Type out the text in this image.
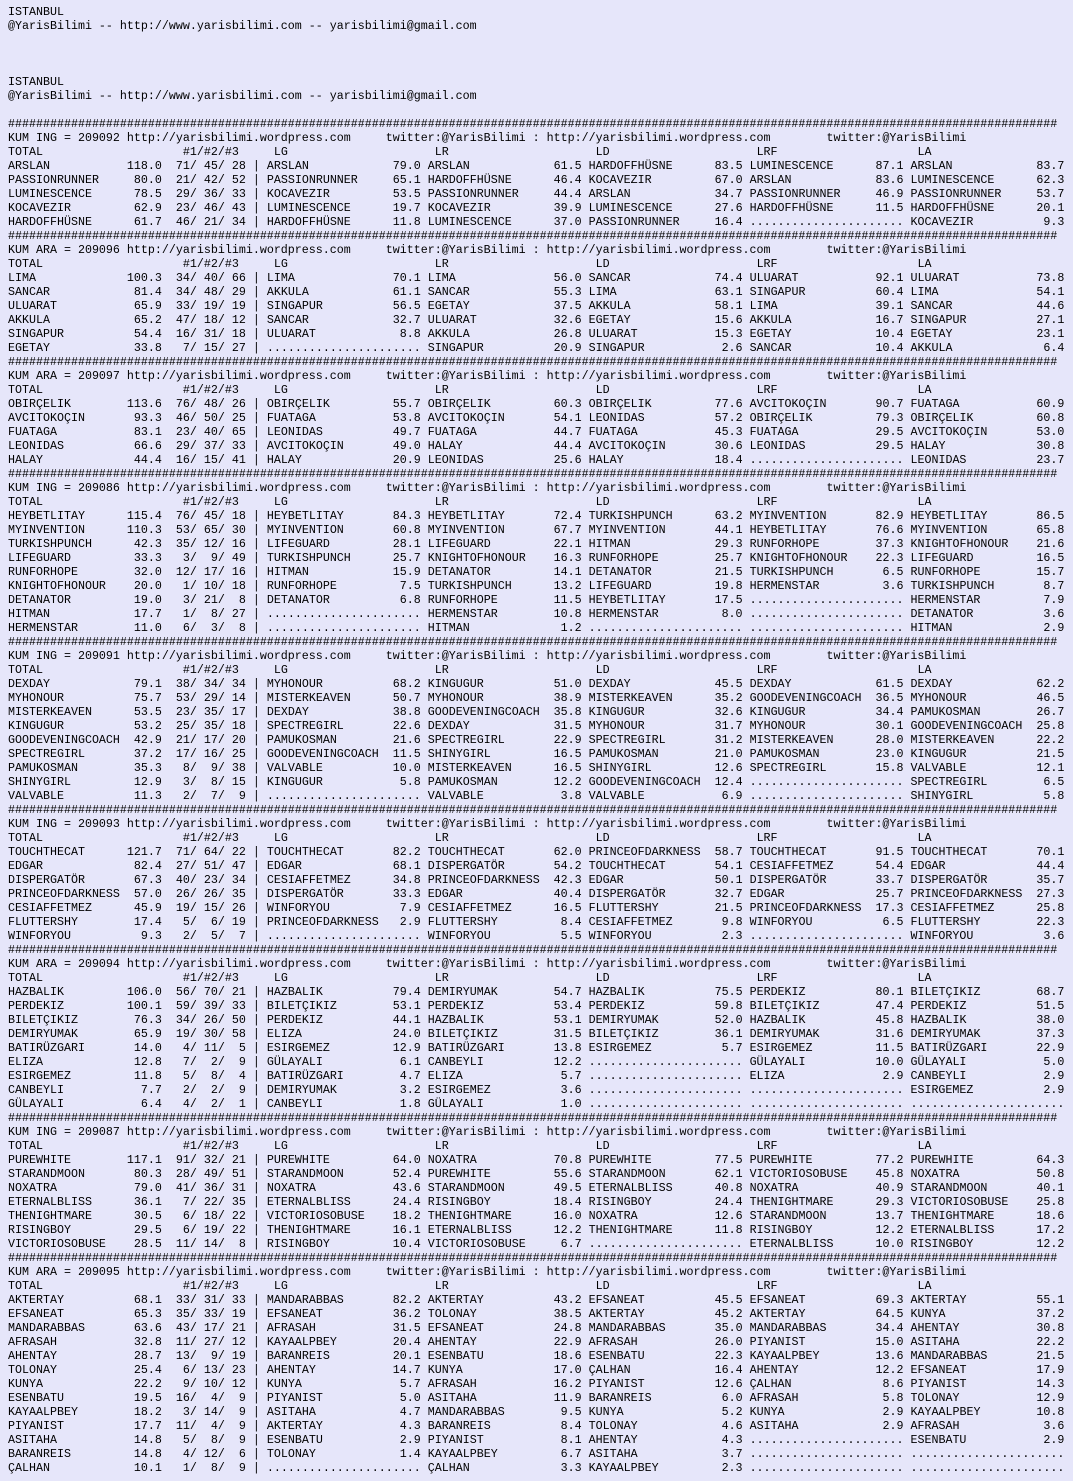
ISTANBUL
@YarisBilimi -- http://www.yarisbilimi.com -- yarisbilimi@gmail.com
ISTANBUL
@YarisBilimi -- http://www.yarisbilimi.com -- yarisbilimi@gmail.com
######################################################################################################################################################
KUM ING = 209092 http://yarisbilimi.wordpress.com	twitter:@YarisBilimi : http://yarisbilimi.wordpress.com	twitter:@YarisBilimi
TOTAL	#1/#2/#3	LG	LR	LD	LRF	LA
ARSLAN           118.0  71/ 45/ 28 | ARSLAN            79.0 ARSLAN            61.5 HARDOFFHÜSNE      83.5 LUMINESCENCE      87.1 ARSLAN            83.7
PASSIONRUNNER     80.0  21/ 42/ 52 | PASSIONRUNNER     65.1 HARDOFFHÜSNE      46.4 KOCAVEZIR         67.0 ARSLAN            83.6 LUMINESCENCE      62.3
LUMINESCENCE      78.5  29/ 36/ 33 | KOCAVEZIR         53.5 PASSIONRUNNER     44.4 ARSLAN            34.7 PASSIONRUNNER     46.9 PASSIONRUNNER     53.7
KOCAVEZIR         62.9  23/ 46/ 43 | LUMINESCENCE      19.7 KOCAVEZIR         39.9 LUMINESCENCE      27.6 HARDOFFHÜSNE      11.5 HARDOFFHÜSNE      20.1
HARDOFFHÜSNE      61.7  46/ 21/ 34 | HARDOFFHÜSNE      11.8 LUMINESCENCE      37.0 PASSIONRUNNER     16.4 ...................... KOCAVEZIR          9.3
######################################################################################################################################################
KUM ARA = 209096 http://yarisbilimi.wordpress.com	twitter:@YarisBilimi : http://yarisbilimi.wordpress.com	twitter:@YarisBilimi
TOTAL	#1/#2/#3	LG	LR	LD	LRF	LA
LIMA             100.3  34/ 40/ 66 | LIMA              70.1 LIMA              56.0 SANCAR            74.4 ULUARAT           92.1 ULUARAT           73.8
SANCAR            81.4  34/ 48/ 29 | AKKULA            61.1 SANCAR            55.3 LIMA              63.1 SINGAPUR          60.4 LIMA              54.1
ULUARAT           65.9  33/ 19/ 19 | SINGAPUR          56.5 EGETAY            37.5 AKKULA            58.1 LIMA              39.1 SANCAR            44.6
AKKULA            65.2  47/ 18/ 12 | SANCAR            32.7 ULUARAT           32.6 EGETAY            15.6 AKKULA            16.7 SINGAPUR          27.1
SINGAPUR          54.4  16/ 31/ 18 | ULUARAT            8.8 AKKULA            26.8 ULUARAT           15.3 EGETAY            10.4 EGETAY            23.1
EGETAY            33.8   7/ 15/ 27 | ...................... SINGAPUR          20.9 SINGAPUR           2.6 SANCAR            10.4 AKKULA             6.4
######################################################################################################################################################
KUM ARA = 209097 http://yarisbilimi.wordpress.com	twitter:@YarisBilimi : http://yarisbilimi.wordpress.com	twitter:@YarisBilimi
TOTAL	#1/#2/#3	LG	LR	LD	LRF	LA
OBIRÇELIK        113.6  76/ 48/ 26 | OBIRÇELIK         55.7 OBIRÇELIK         60.3 OBIRÇELIK         77.6 AVCITOKOÇIN       90.7 FUATAGA           60.9
AVCITOKOÇIN       93.3  46/ 50/ 25 | FUATAGA           53.8 AVCITOKOÇIN       54.1 LEONIDAS          57.2 OBIRÇELIK         79.3 OBIRÇELIK         60.8
FUATAGA           83.1  23/ 40/ 65 | LEONIDAS          49.7 FUATAGA           44.7 FUATAGA           45.3 FUATAGA           29.5 AVCITOKOÇIN       53.0
LEONIDAS          66.6  29/ 37/ 33 | AVCITOKOÇIN       49.0 HALAY             44.4 AVCITOKOÇIN       30.6 LEONIDAS          29.5 HALAY             30.8
HALAY             44.4  16/ 15/ 41 | HALAY             20.9 LEONIDAS          25.6 HALAY             18.4 ...................... LEONIDAS          23.7
######################################################################################################################################################
KUM ING = 209086 http://yarisbilimi.wordpress.com	twitter:@YarisBilimi : http://yarisbilimi.wordpress.com	twitter:@YarisBilimi
TOTAL	#1/#2/#3	LG	LR	LD	LRF	LA
HEYBETLITAY      115.4  76/ 45/ 18 | HEYBETLITAY       84.3 HEYBETLITAY       72.4 TURKISHPUNCH      63.2 MYINVENTION       82.9 HEYBETLITAY       86.5
MYINVENTION      110.3  53/ 65/ 30 | MYINVENTION       60.8 MYINVENTION       67.7 MYINVENTION       44.1 HEYBETLITAY       76.6 MYINVENTION       65.8
TURKISHPUNCH      42.3  35/ 12/ 16 | LIFEGUARD         28.1 LIFEGUARD         22.1 HITMAN            29.3 RUNFORHOPE        37.3 KNIGHTOFHONOUR    21.6
LIFEGUARD         33.3   3/  9/ 49 | TURKISHPUNCH      25.7 KNIGHTOFHONOUR    16.3 RUNFORHOPE        25.7 KNIGHTOFHONOUR    22.3 LIFEGUARD         16.5
RUNFORHOPE        32.0  12/ 17/ 16 | HITMAN            15.9 DETANATOR         14.1 DETANATOR         21.5 TURKISHPUNCH       6.5 RUNFORHOPE        15.7
KNIGHTOFHONOUR    20.0   1/ 10/ 18 | RUNFORHOPE         7.5 TURKISHPUNCH      13.2 LIFEGUARD         19.8 HERMENSTAR         3.6 TURKISHPUNCH       8.7
DETANATOR         19.0   3/ 21/  8 | DETANATOR          6.8 RUNFORHOPE        11.5 HEYBETLITAY       17.5 ...................... HERMENSTAR         7.9
HITMAN            17.7   1/  8/ 27 | ...................... HERMENSTAR        10.8 HERMENSTAR         8.0 ...................... DETANATOR          3.6
HERMENSTAR        11.0   6/  3/  8 | ...................... HITMAN             1.2 ...................... ...................... HITMAN             2.9
######################################################################################################################################################
KUM ING = 209091 http://yarisbilimi.wordpress.com	twitter:@YarisBilimi : http://yarisbilimi.wordpress.com	twitter:@YarisBilimi
TOTAL	#1/#2/#3	LG	LR	LD	LRF	LA
DEXDAY            79.1  38/ 34/ 34 | MYHONOUR          68.2 KINGUGUR          51.0 DEXDAY            45.5 DEXDAY            61.5 DEXDAY            62.2
MYHONOUR          75.7  53/ 29/ 14 | MISTERKEAVEN      50.7 MYHONOUR          38.9 MISTERKEAVEN      35.2 GOODEVENINGCOACH  36.5 MYHONOUR          46.5
MISTERKEAVEN      53.5  23/ 35/ 17 | DEXDAY            38.8 GOODEVENINGCOACH  35.8 KINGUGUR          32.6 KINGUGUR          34.4 PAMUKOSMAN        26.7
KINGUGUR          53.2  25/ 35/ 18 | SPECTREGIRL       22.6 DEXDAY            31.5 MYHONOUR          31.7 MYHONOUR          30.1 GOODEVENINGCOACH  25.8
GOODEVENINGCOACH  42.9  21/ 17/ 20 | PAMUKOSMAN        21.6 SPECTREGIRL       22.9 SPECTREGIRL       31.2 MISTERKEAVEN      28.0 MISTERKEAVEN      22.2
SPECTREGIRL       37.2  17/ 16/ 25 | GOODEVENINGCOACH  11.5 SHINYGIRL         16.5 PAMUKOSMAN        21.0 PAMUKOSMAN        23.0 KINGUGUR          21.5
PAMUKOSMAN        35.3   8/  9/ 38 | VALVABLE          10.0 MISTERKEAVEN      16.5 SHINYGIRL         12.6 SPECTREGIRL       15.8 VALVABLE          12.1
SHINYGIRL         12.9   3/  8/ 15 | KINGUGUR           5.8 PAMUKOSMAN        12.2 GOODEVENINGCOACH  12.4 ...................... SPECTREGIRL        6.5
VALVABLE          11.3   2/  7/  9 | ...................... VALVABLE           3.8 VALVABLE           6.9 ...................... SHINYGIRL          5.8
######################################################################################################################################################
KUM ING = 209093 http://yarisbilimi.wordpress.com	twitter:@YarisBilimi : http://yarisbilimi.wordpress.com	twitter:@YarisBilimi
TOTAL	#1/#2/#3	LG	LR	LD	LRF	LA
TOUCHTHECAT      121.7  71/ 64/ 22 | TOUCHTHECAT       82.2 TOUCHTHECAT       62.0 PRINCEOFDARKNESS  58.7 TOUCHTHECAT       91.5 TOUCHTHECAT       70.1
EDGAR             82.4  27/ 51/ 47 | EDGAR             68.1 DISPERGATÖR       54.2 TOUCHTHECAT       54.1 CESIAFFETMEZ      54.4 EDGAR             44.4
DISPERGATÖR       67.3  40/ 23/ 34 | CESIAFFETMEZ      34.8 PRINCEOFDARKNESS  42.3 EDGAR             50.1 DISPERGATÖR       33.7 DISPERGATÖR       35.7
PRINCEOFDARKNESS  57.0  26/ 26/ 35 | DISPERGATÖR       33.3 EDGAR             40.4 DISPERGATÖR       32.7 EDGAR             25.7 PRINCEOFDARKNESS  27.3
CESIAFFETMEZ      45.9  19/ 15/ 26 | WINFORYOU          7.9 CESIAFFETMEZ      16.5 FLUTTERSHY        21.5 PRINCEOFDARKNESS  17.3 CESIAFFETMEZ      25.8
FLUTTERSHY        17.4   5/  6/ 19 | PRINCEOFDARKNESS   2.9 FLUTTERSHY         8.4 CESIAFFETMEZ       9.8 WINFORYOU          6.5 FLUTTERSHY        22.3
WINFORYOU          9.3   2/  5/  7 | ...................... WINFORYOU          5.5 WINFORYOU          2.3 ...................... WINFORYOU          3.6
######################################################################################################################################################
KUM ARA = 209094 http://yarisbilimi.wordpress.com	twitter:@YarisBilimi : http://yarisbilimi.wordpress.com	twitter:@YarisBilimi
TOTAL	#1/#2/#3	LG	LR	LD	LRF	LA
HAZBALIK         106.0  56/ 70/ 21 | HAZBALIK          79.4 DEMIRYUMAK        54.7 HAZBALIK          75.5 PERDEKIZ          80.1 BILETÇIKIZ        68.7
PERDEKIZ         100.1  59/ 39/ 33 | BILETÇIKIZ        53.1 PERDEKIZ          53.4 PERDEKIZ          59.8 BILETÇIKIZ        47.4 PERDEKIZ          51.5
BILETÇIKIZ        76.3  34/ 26/ 50 | PERDEKIZ          44.1 HAZBALIK          53.1 DEMIRYUMAK        52.0 HAZBALIK          45.8 HAZBALIK          38.0
DEMIRYUMAK        65.9  19/ 30/ 58 | ELIZA             24.0 BILETÇIKIZ        31.5 BILETÇIKIZ        36.1 DEMIRYUMAK        31.6 DEMIRYUMAK        37.3
BATIRÜZGARI       14.0   4/ 11/  5 | ESIRGEMEZ         12.9 BATIRÜZGARI       13.8 ESIRGEMEZ          5.7 ESIRGEMEZ         11.5 BATIRÜZGARI       22.9
ELIZA             12.8   7/  2/  9 | GÜLAYALI           6.1 CANBEYLI          12.2 ...................... GÜLAYALI          10.0 GÜLAYALI           5.0
ESIRGEMEZ         11.8   5/  8/  4 | BATIRÜZGARI        4.7 ELIZA              5.7 ...................... ELIZA              2.9 CANBEYLI           2.9
CANBEYLI           7.7   2/  2/  9 | DEMIRYUMAK         3.2 ESIRGEMEZ          3.6 ...................... ...................... ESIRGEMEZ          2.9
GÜLAYALI           6.4   4/  2/  1 | CANBEYLI           1.8 GÜLAYALI           1.0 ...................... ...................... ......................
######################################################################################################################################################
KUM ING = 209087 http://yarisbilimi.wordpress.com	twitter:@YarisBilimi : http://yarisbilimi.wordpress.com	twitter:@YarisBilimi
TOTAL	#1/#2/#3	LG	LR	LD	LRF	LA
PUREWHITE        117.1  91/ 32/ 21 | PUREWHITE         64.0 NOXATRA           70.8 PUREWHITE         77.5 PUREWHITE         77.2 PUREWHITE         64.3
STARANDMOON       80.3  28/ 49/ 51 | STARANDMOON       52.4 PUREWHITE         55.6 STARANDMOON       62.1 VICTORIOSOBUSE    45.8 NOXATRA           50.8
NOXATRA           79.0  41/ 36/ 31 | NOXATRA           43.6 STARANDMOON       49.5 ETERNALBLISS      40.8 NOXATRA           40.9 STARANDMOON       40.1
ETERNALBLISS      36.1   7/ 22/ 35 | ETERNALBLISS      24.4 RISINGBOY         18.4 RISINGBOY         24.4 THENIGHTMARE      29.3 VICTORIOSOBUSE    25.8
THENIGHTMARE      30.5   6/ 18/ 22 | VICTORIOSOBUSE    18.2 THENIGHTMARE      16.0 NOXATRA           12.6 STARANDMOON       13.7 THENIGHTMARE      18.6
RISINGBOY         29.5   6/ 19/ 22 | THENIGHTMARE      16.1 ETERNALBLISS      12.2 THENIGHTMARE      11.8 RISINGBOY         12.2 ETERNALBLISS      17.2
VICTORIOSOBUSE    28.5  11/ 14/  8 | RISINGBOY         10.4 VICTORIOSOBUSE     6.7 ...................... ETERNALBLISS      10.0 RISINGBOY         12.2
######################################################################################################################################################
KUM ARA = 209095 http://yarisbilimi.wordpress.com	twitter:@YarisBilimi : http://yarisbilimi.wordpress.com	twitter:@YarisBilimi
TOTAL	#1/#2/#3	LG	LR	LD	LRF	LA
AKTERTAY          68.1  33/ 31/ 33 | MANDARABBAS       82.2 AKTERTAY          43.2 EFSANEAT          45.5 EFSANEAT          69.3 AKTERTAY          55.1
EFSANEAT          65.3  35/ 33/ 19 | EFSANEAT          36.2 TOLONAY           38.5 AKTERTAY          45.2 AKTERTAY          64.5 KUNYA             37.2
MANDARABBAS       63.6  43/ 17/ 21 | AFRASAH           31.5 EFSANEAT          24.8 MANDARABBAS       35.0 MANDARABBAS       34.4 AHENTAY           30.8
AFRASAH           32.8  11/ 27/ 12 | KAYAALPBEY        20.4 AHENTAY           22.9 AFRASAH           26.0 PIYANIST          15.0 ASITAHA           22.2
AHENTAY           28.7  13/  9/ 19 | BARANREIS         20.1 ESENBATU          18.6 ESENBATU          22.3 KAYAALPBEY        13.6 MANDARABBAS       21.5
TOLONAY           25.4   6/ 13/ 23 | AHENTAY           14.7 KUNYA             17.0 ÇALHAN            16.4 AHENTAY           12.2 EFSANEAT          17.9
KUNYA             22.2   9/ 10/ 12 | KUNYA              5.7 AFRASAH           16.2 PIYANIST          12.6 ÇALHAN             8.6 PIYANIST          14.3
ESENBATU          19.5  16/  4/  9 | PIYANIST           5.0 ASITAHA           11.9 BARANREIS          6.0 AFRASAH            5.8 TOLONAY           12.9
KAYAALPBEY        18.2   3/ 14/  9 | ASITAHA            4.7 MANDARABBAS        9.5 KUNYA              5.2 KUNYA              2.9 KAYAALPBEY        10.8
PIYANIST          17.7  11/  4/  9 | AKTERTAY           4.3 BARANREIS          8.4 TOLONAY            4.6 ASITAHA            2.9 AFRASAH            3.6
ASITAHA           14.8   5/  8/  9 | ESENBATU           2.9 PIYANIST           8.1 AHENTAY            4.3 ...................... ESENBATU           2.9
BARANREIS         14.8   4/ 12/  6 | TOLONAY            1.4 KAYAALPBEY         6.7 ASITAHA            3.7 ...................... ......................
ÇALHAN            10.1   1/  8/  9 | ...................... ÇALHAN             3.3 KAYAALPBEY         2.3 ...................... ......................
